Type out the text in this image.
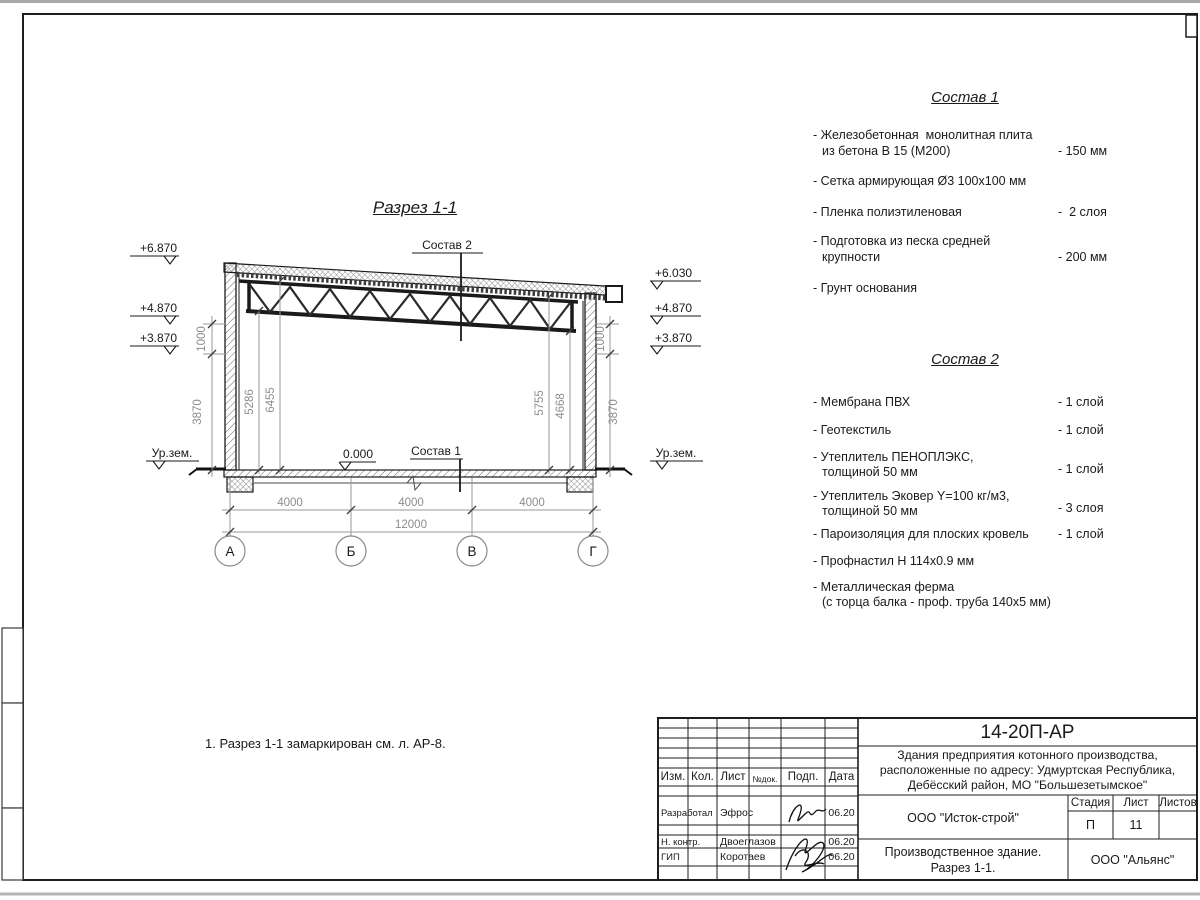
+6.870
+4.870
+3.870
+6.030
+4.870
+3.870
Ур.зем.	Ур.зем.
0.000
Состав 2
Состав 1
А	Б	В	Г
4000	4000	4000
12000
5286 6455	5755 4668
1000
3870
1000
3870
Разрез 1-1
1. Разрез 1-1 замаркирован см. л. АР-8.
Состав 1
- Железобетонная  монолитная плита
из бетона В 15 (М200)	- 150 мм
- Сетка армирующая Ø3 100х100 мм
- Пленка полиэтиленовая	-  2 слоя
- Подготовка из песка средней
крупности	- 200 мм
- Грунт основания
Состав 2
- Мембрана ПВХ	- 1 слой
- Геотекстиль	- 1 слой
- Утеплитель ПЕНОПЛЭКС,
толщиной 50 мм	- 1 слой
- Утеплитель Эковер Y=100 кг/м3,
толщиной 50 мм	- 3 слоя
- Пароизоляция для плоских кровель - 1 слой
- Профнастил Н 114х0.9 мм
- Металлическая ферма
(с торца балка - проф. труба 140х5 мм)
14-20П-АР
Здания предприятия котонного производства,
расположенные по адресу: Удмуртская Республика,
Дебёсский район, МО "Большезетымское"
ООО "Исток-строй"
Стадия	Лист Листов
П	11
Производственное здание.
Разрез 1-1.
ООО "Альянс"
Изм. Кол. Лист №док. Подп. Дата
Разработал Эфрос	06.20
Н. контр. Двоеглазов	06.20
ГИП	Коротаев	06.20
